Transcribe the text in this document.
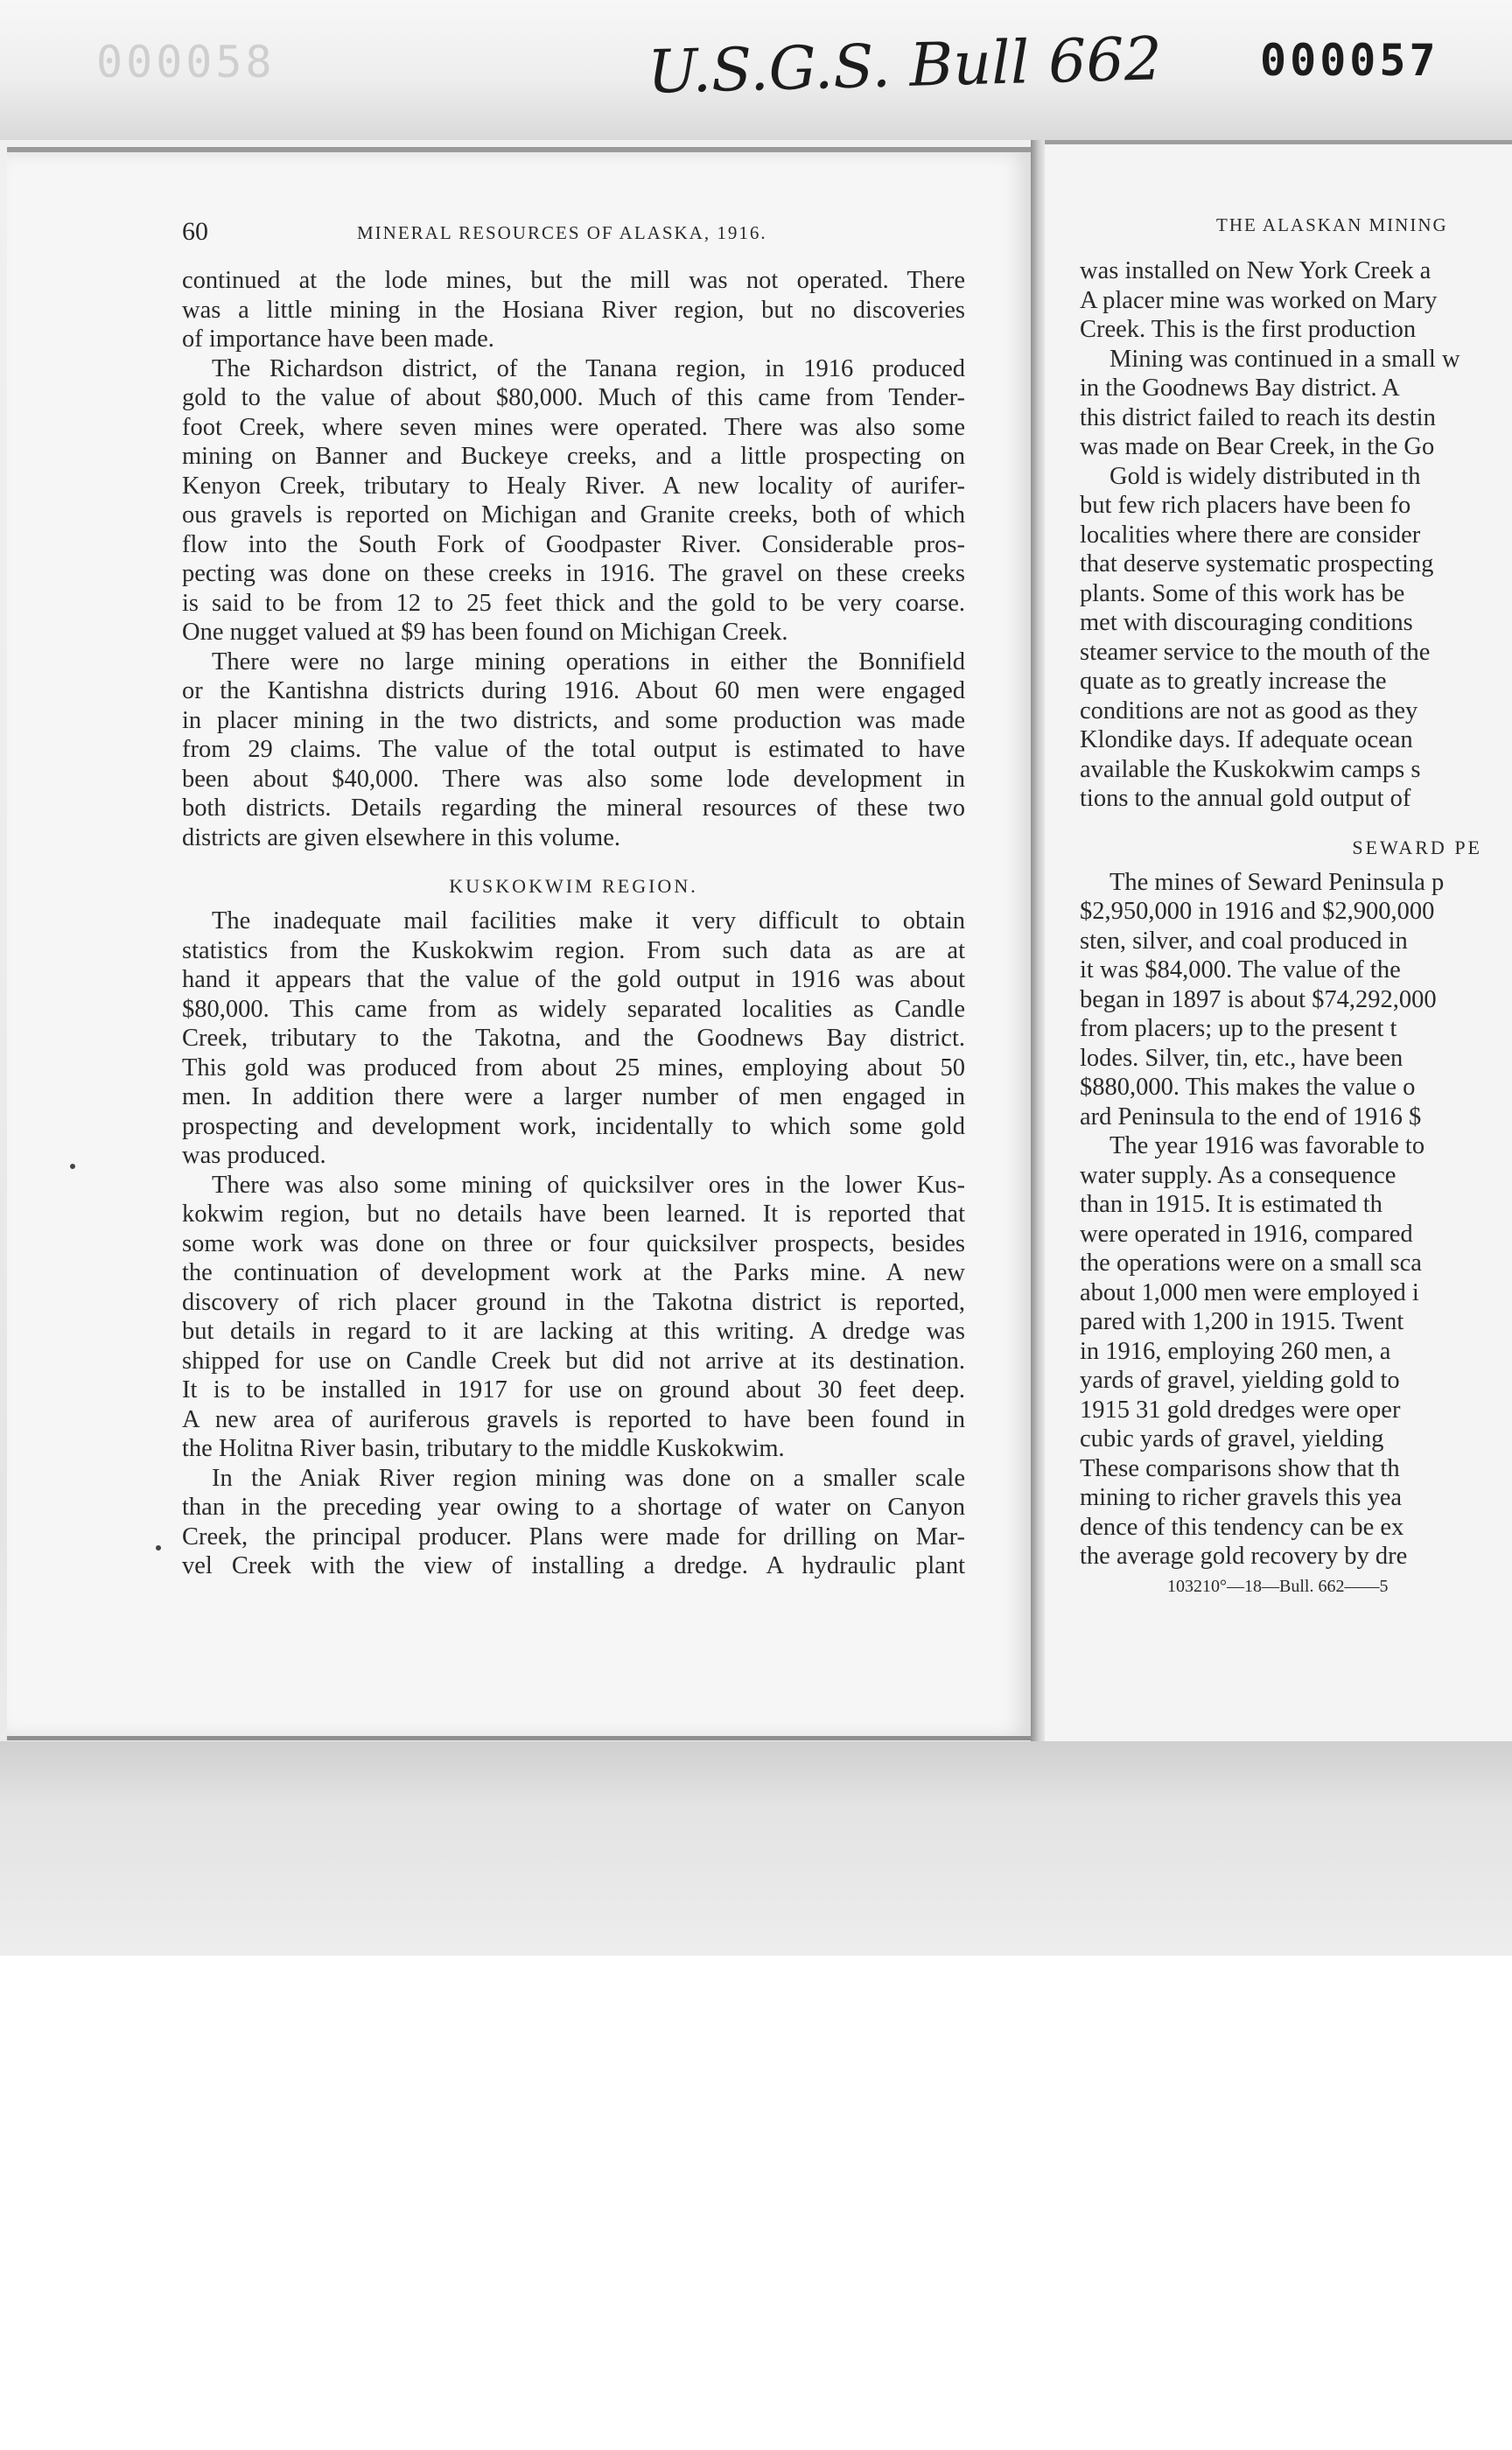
000058	U.S.G.S. Bull 662 000057
60	MINERAL RESOURCES OF ALASKA, 1916.
continued at the lode mines, but the mill was not operated. There
was a little mining in the Hosiana River region, but no discoveries
of importance have been made.
The Richardson district, of the Tanana region, in 1916 produced
gold to the value of about $80,000. Much of this came from Tender-
foot Creek, where seven mines were operated. There was also some
mining on Banner and Buckeye creeks, and a little prospecting on
Kenyon Creek, tributary to Healy River. A new locality of aurifer-
ous gravels is reported on Michigan and Granite creeks, both of which
flow into the South Fork of Goodpaster River. Considerable pros-
pecting was done on these creeks in 1916. The gravel on these creeks
is said to be from 12 to 25 feet thick and the gold to be very coarse.
One nugget valued at $9 has been found on Michigan Creek.
There were no large mining operations in either the Bonnifield
or the Kantishna districts during 1916. About 60 men were engaged
in placer mining in the two districts, and some production was made
from 29 claims. The value of the total output is estimated to have
been about $40,000. There was also some lode development in
both districts. Details regarding the mineral resources of these two
districts are given elsewhere in this volume.
KUSKOKWIM REGION.
The inadequate mail facilities make it very difficult to obtain
statistics from the Kuskokwim region. From such data as are at
hand it appears that the value of the gold output in 1916 was about
$80,000. This came from as widely separated localities as Candle
Creek, tributary to the Takotna, and the Goodnews Bay district.
This gold was produced from about 25 mines, employing about 50
men. In addition there were a larger number of men engaged in
prospecting and development work, incidentally to which some gold
was produced.
There was also some mining of quicksilver ores in the lower Kus-
kokwim region, but no details have been learned. It is reported that
some work was done on three or four quicksilver prospects, besides
the continuation of development work at the Parks mine. A new
discovery of rich placer ground in the Takotna district is reported,
but details in regard to it are lacking at this writing. A dredge was
shipped for use on Candle Creek but did not arrive at its destination.
It is to be installed in 1917 for use on ground about 30 feet deep.
A new area of auriferous gravels is reported to have been found in
the Holitna River basin, tributary to the middle Kuskokwim.
In the Aniak River region mining was done on a smaller scale
than in the preceding year owing to a shortage of water on Canyon
Creek, the principal producer. Plans were made for drilling on Mar-
vel Creek with the view of installing a dredge. A hydraulic plant
THE ALASKAN MINING
was installed on New York Creek a
A placer mine was worked on Mary
Creek. This is the first production
Mining was continued in a small w
in the Goodnews Bay district. A
this district failed to reach its destin
was made on Bear Creek, in the Go
Gold is widely distributed in th
but few rich placers have been fo
localities where there are consider
that deserve systematic prospecting
plants. Some of this work has be
met with discouraging conditions
steamer service to the mouth of the
quate as to greatly increase the
conditions are not as good as they
Klondike days. If adequate ocean
available the Kuskokwim camps s
tions to the annual gold output of
SEWARD PE
The mines of Seward Peninsula p
$2,950,000 in 1916 and $2,900,000
sten, silver, and coal produced in
it was $84,000. The value of the
began in 1897 is about $74,292,000
from placers; up to the present t
lodes. Silver, tin, etc., have been
$880,000. This makes the value o
ard Peninsula to the end of 1916 $
The year 1916 was favorable to
water supply. As a consequence
than in 1915. It is estimated th
were operated in 1916, compared
the operations were on a small sca
about 1,000 men were employed i
pared with 1,200 in 1915. Twent
in 1916, employing 260 men, a
yards of gravel, yielding gold to
1915 31 gold dredges were oper
cubic yards of gravel, yielding
These comparisons show that th
mining to richer gravels this yea
dence of this tendency can be ex
the average gold recovery by dre
103210°—18—Bull. 662——5
